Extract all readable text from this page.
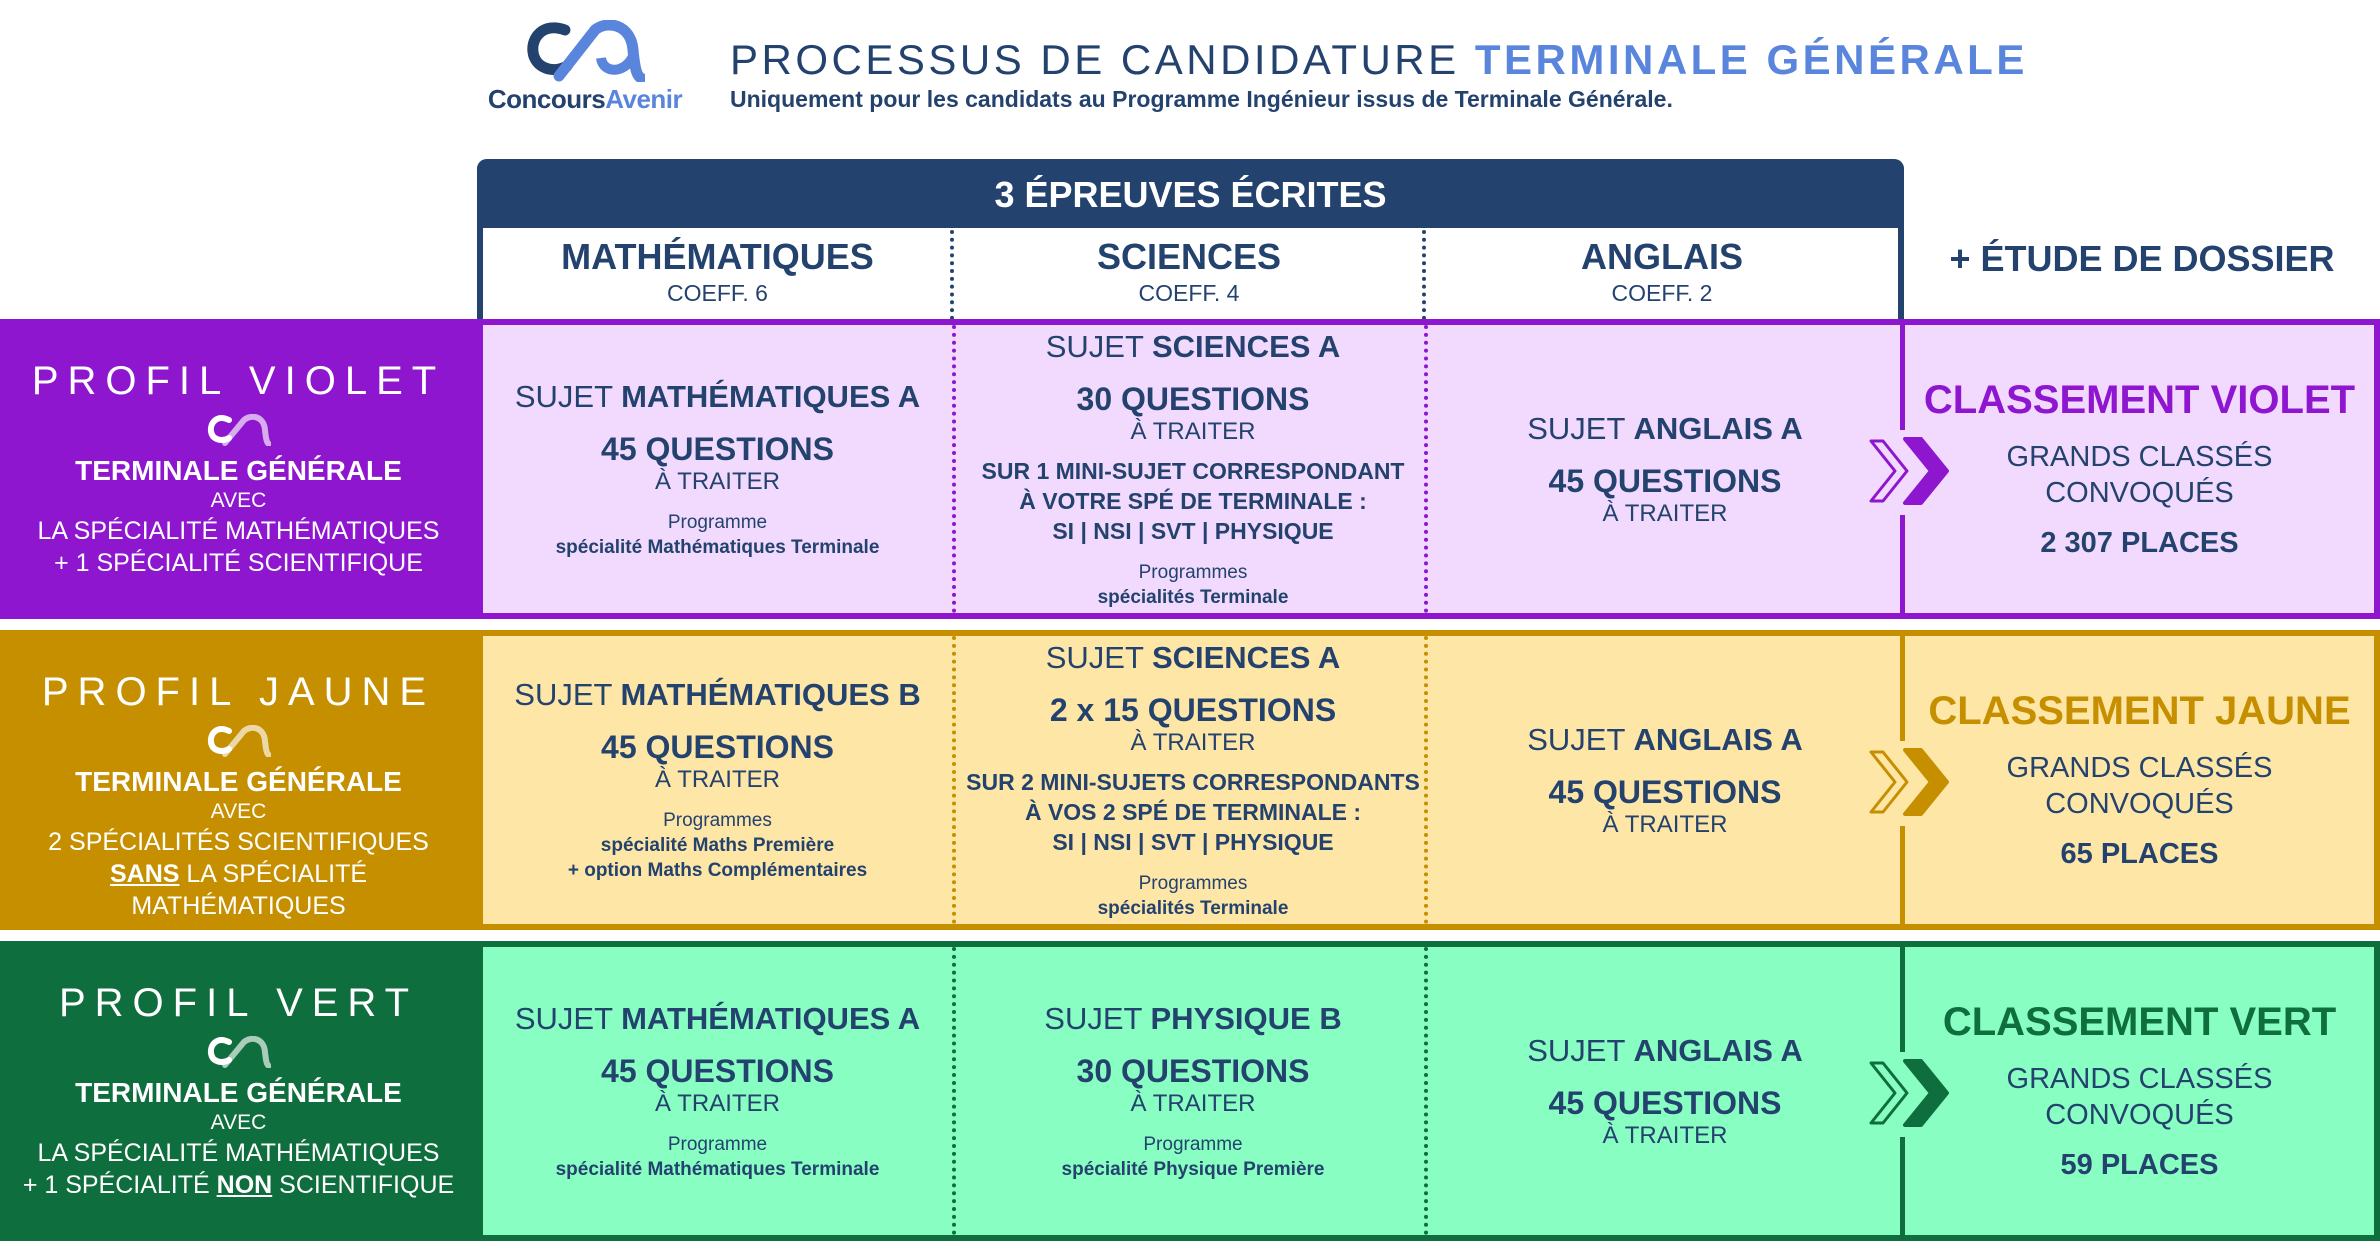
ConcoursAvenir
PROCESSUS DE CANDIDATURE TERMINALE GÉNÉRALE
Uniquement pour les candidats au Programme Ingénieur issus de Terminale Générale.
3 ÉPREUVES ÉCRITES
MATHÉMATIQUES
COEFF. 6
SCIENCES
COEFF. 4
ANGLAIS
COEFF. 2
+ ÉTUDE DE DOSSIER
PROFIL VIOLET
TERMINALE GÉNÉRALE
AVEC
LA SPÉCIALITÉ MATHÉMATIQUES
+ 1 SPÉCIALITÉ SCIENTIFIQUE
SUJET MATHÉMATIQUES A
45 QUESTIONS
À TRAITER
Programme
spécialité Mathématiques Terminale
SUJET SCIENCES A
30 QUESTIONS
À TRAITER
SUR 1 MINI-SUJET CORRESPONDANT
À VOTRE SPÉ DE TERMINALE :
SI | NSI | SVT | PHYSIQUE
Programmes
spécialités Terminale
SUJET ANGLAIS A
45 QUESTIONS
À TRAITER
CLASSEMENT VIOLET
GRANDS CLASSÉS
CONVOQUÉS
2 307 PLACES
PROFIL JAUNE
TERMINALE GÉNÉRALE
AVEC
2 SPÉCIALITÉS SCIENTIFIQUES
SANS LA SPÉCIALITÉ MATHÉMATIQUES
SUJET MATHÉMATIQUES B
45 QUESTIONS
À TRAITER
Programmes
spécialité Maths Première
+ option Maths Complémentaires
SUJET SCIENCES A
2 x 15 QUESTIONS
À TRAITER
SUR 2 MINI-SUJETS CORRESPONDANTS
À VOS 2 SPÉ DE TERMINALE :
SI | NSI | SVT | PHYSIQUE
Programmes
spécialités Terminale
SUJET ANGLAIS A
45 QUESTIONS
À TRAITER
CLASSEMENT JAUNE
GRANDS CLASSÉS
CONVOQUÉS
65 PLACES
PROFIL VERT
TERMINALE GÉNÉRALE
AVEC
LA SPÉCIALITÉ MATHÉMATIQUES
+ 1 SPÉCIALITÉ NON SCIENTIFIQUE
SUJET MATHÉMATIQUES A
45 QUESTIONS
À TRAITER
Programme
spécialité Mathématiques Terminale
SUJET PHYSIQUE B
30 QUESTIONS
À TRAITER
Programme
spécialité Physique Première
SUJET ANGLAIS A
45 QUESTIONS
À TRAITER
CLASSEMENT VERT
GRANDS CLASSÉS
CONVOQUÉS
59 PLACES
